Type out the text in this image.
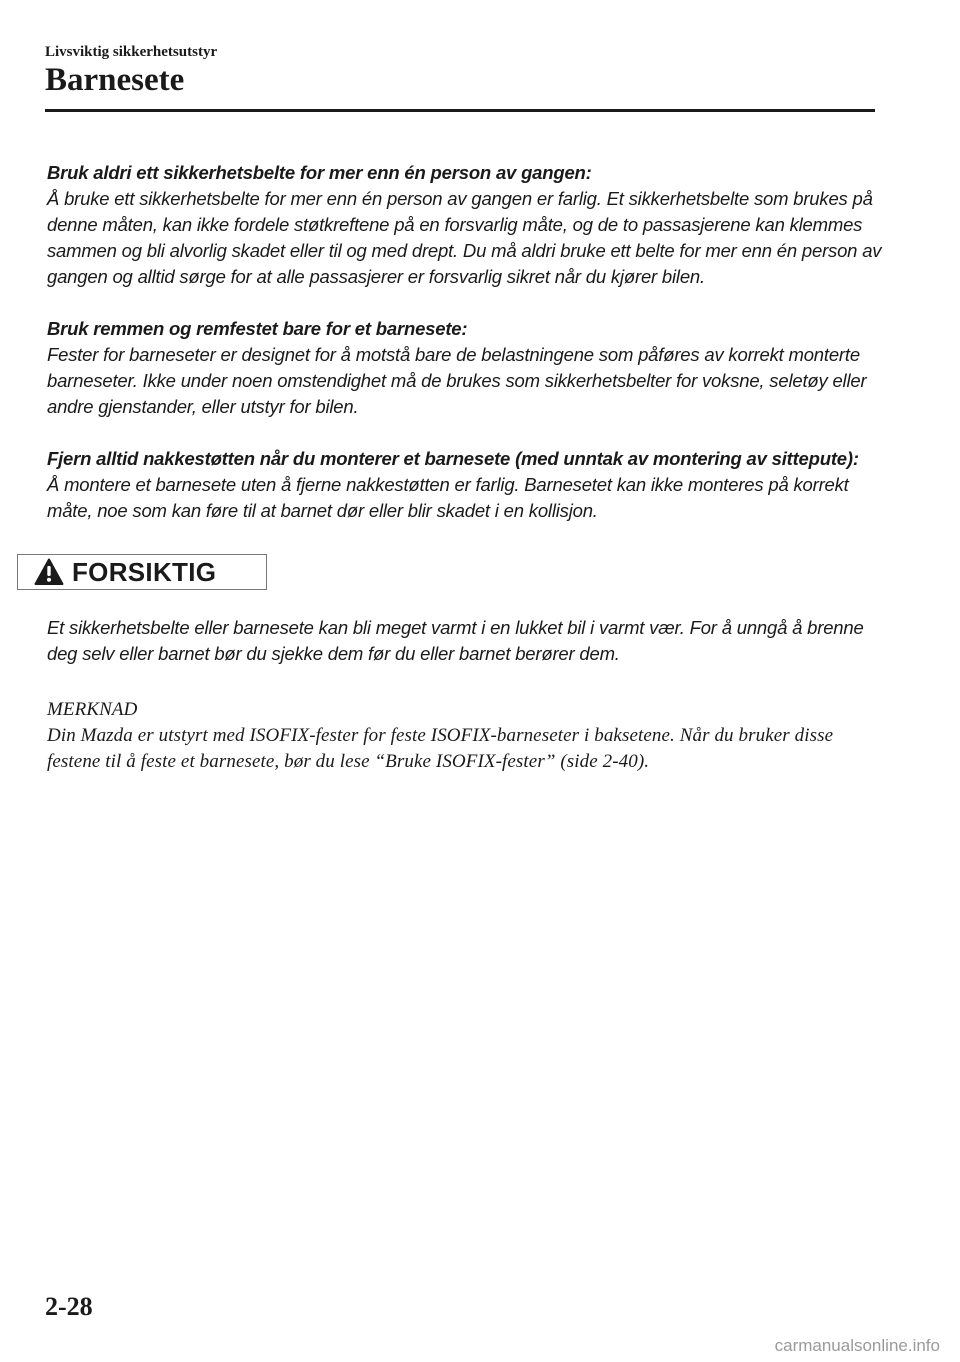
Livsviktig sikkerhetsutstyr
Barnesete
Bruk aldri ett sikkerhetsbelte for mer enn én person av gangen:
Å bruke ett sikkerhetsbelte for mer enn én person av gangen er farlig. Et sikkerhetsbelte som brukes på denne måten, kan ikke fordele støtkreftene på en forsvarlig måte, og de to passasjerene kan klemmes sammen og bli alvorlig skadet eller til og med drept. Du må aldri bruke ett belte for mer enn én person av gangen og alltid sørge for at alle passasjerer er forsvarlig sikret når du kjører bilen.
Bruk remmen og remfestet bare for et barnesete:
Fester for barneseter er designet for å motstå bare de belastningene som påføres av korrekt monterte barneseter. Ikke under noen omstendighet må de brukes som sikkerhetsbelter for voksne, seletøy eller andre gjenstander, eller utstyr for bilen.
Fjern alltid nakkestøtten når du monterer et barnesete (med unntak av montering av sittepute):
Å montere et barnesete uten å fjerne nakkestøtten er farlig. Barnesetet kan ikke monteres på korrekt måte, noe som kan føre til at barnet dør eller blir skadet i en kollisjon.
FORSIKTIG
Et sikkerhetsbelte eller barnesete kan bli meget varmt i en lukket bil i varmt vær. For å unngå å brenne deg selv eller barnet bør du sjekke dem før du eller barnet berører dem.
MERKNAD
Din Mazda er utstyrt med ISOFIX-fester for feste ISOFIX-barneseter i baksetene. Når du bruker disse festene til å feste et barnesete, bør du lese “Bruke ISOFIX-fester” (side 2-40).
2-28
carmanualsonline.info
